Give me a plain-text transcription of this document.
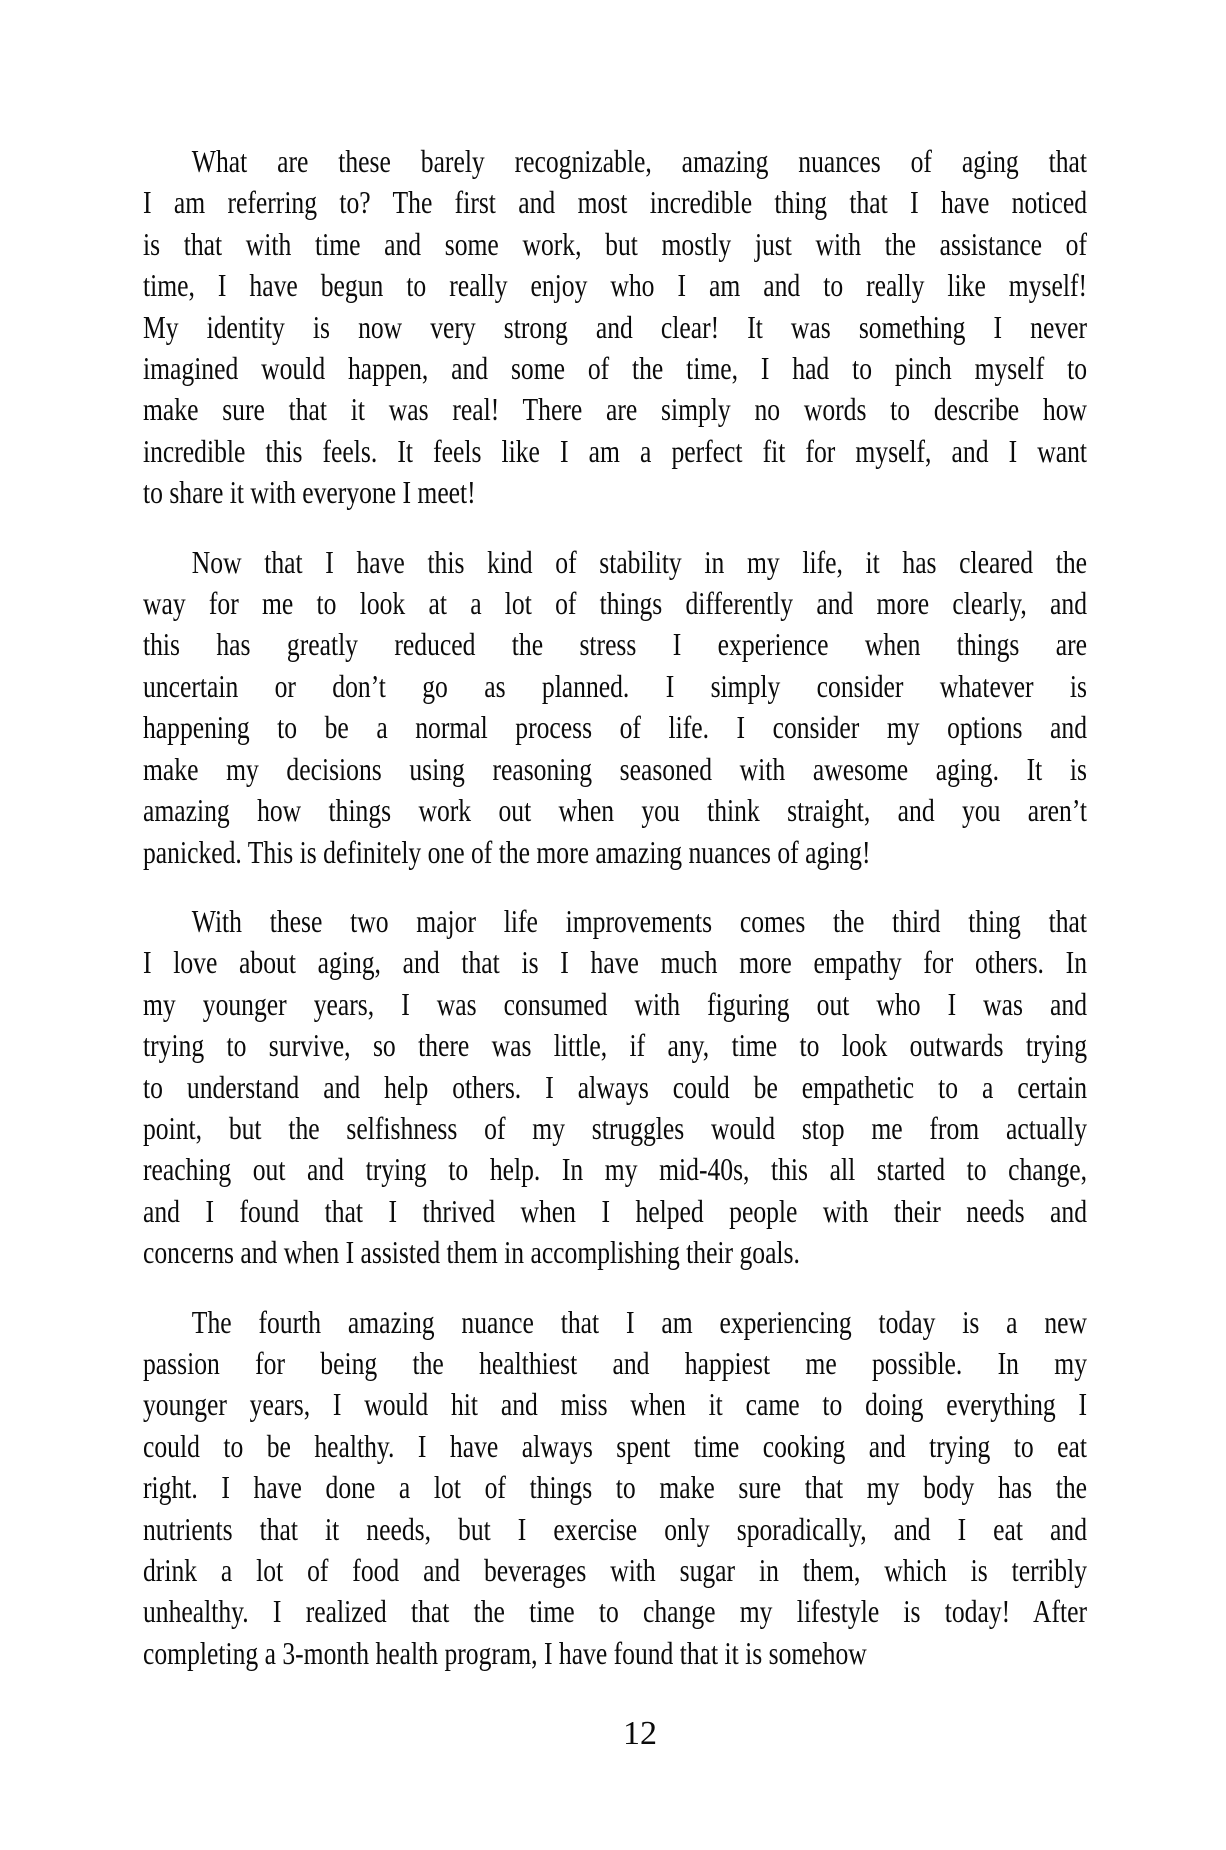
What are these barely recognizable, amazing nuances of aging that
I am referring to? The first and most incredible thing that I have noticed
is that with time and some work, but mostly just with the assistance of
time, I have begun to really enjoy who I am and to really like myself!
My identity is now very strong and clear! It was something I never
imagined would happen, and some of the time, I had to pinch myself to
make sure that it was real! There are simply no words to describe how
incredible this feels. It feels like I am a perfect fit for myself, and I want
to share it with everyone I meet!
Now that I have this kind of stability in my life, it has cleared the
way for me to look at a lot of things differently and more clearly, and
this has greatly reduced the stress I experience when things are
uncertain or don’t go as planned. I simply consider whatever is
happening to be a normal process of life. I consider my options and
make my decisions using reasoning seasoned with awesome aging. It is
amazing how things work out when you think straight, and you aren’t
panicked. This is definitely one of the more amazing nuances of aging!
With these two major life improvements comes the third thing that
I love about aging, and that is I have much more empathy for others. In
my younger years, I was consumed with figuring out who I was and
trying to survive, so there was little, if any, time to look outwards trying
to understand and help others. I always could be empathetic to a certain
point, but the selfishness of my struggles would stop me from actually
reaching out and trying to help. In my mid-40s, this all started to change,
and I found that I thrived when I helped people with their needs and
concerns and when I assisted them in accomplishing their goals.
The fourth amazing nuance that I am experiencing today is a new
passion for being the healthiest and happiest me possible. In my
younger years, I would hit and miss when it came to doing everything I
could to be healthy. I have always spent time cooking and trying to eat
right. I have done a lot of things to make sure that my body has the
nutrients that it needs, but I exercise only sporadically, and I eat and
drink a lot of food and beverages with sugar in them, which is terribly
unhealthy. I realized that the time to change my lifestyle is today! After
completing a 3-month health program, I have found that it is somehow
12
